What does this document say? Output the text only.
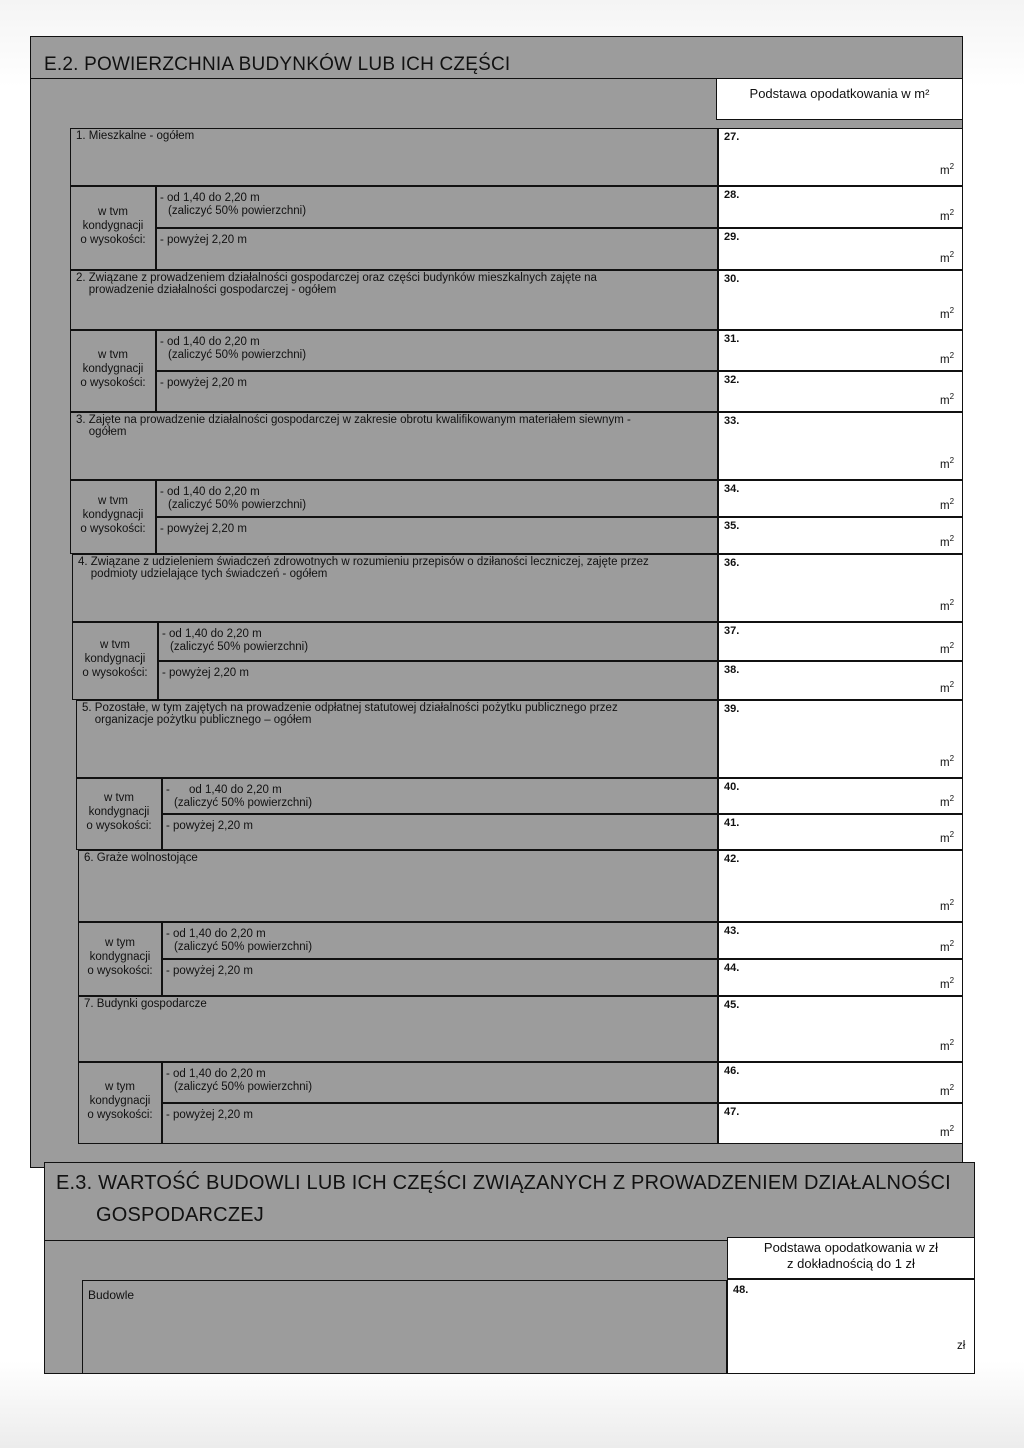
E.2. POWIERZCHNIA BUDYNKÓW LUB ICH CZĘŚCI
Podstawa opodatkowania w m²
1. Mieszkalne - ogółem
w tvm
kondygnacji
o wysokości:
- od 1,40 do 2,20 m
(zaliczyć 50% powierzchni)
- powyżej 2,20 m
27.
$m^2$
28.
$m^2$
29.
$m^2$
2. Związane z prowadzeniem działalności gospodarczej oraz części budynków mieszkalnych zajęte na
prowadzenie działalności gospodarczej - ogółem
w tvm
kondygnacji
o wysokości:
- od 1,40 do 2,20 m
(zaliczyć 50% powierzchni)
- powyżej 2,20 m
30.
$m^2$
31.
$m^2$
32.
$m^2$
3. Zajęte na prowadzenie działalności gospodarczej w zakresie obrotu kwalifikowanym materiałem siewnym -
ogółem
w tvm
kondygnacji
o wysokości:
- od 1,40 do 2,20 m
(zaliczyć 50% powierzchni)
- powyżej 2,20 m
33.
$m^2$
34.
$m^2$
35.
$m^2$
4. Związane z udzieleniem świadczeń zdrowotnych w rozumieniu przepisów o dziłaności leczniczej, zajęte przez
podmioty udzielające tych świadczeń - ogółem
w tvm
kondygnacji
o wysokości:
- od 1,40 do 2,20 m
(zaliczyć 50% powierzchni)
- powyżej 2,20 m
36.
$m^2$
37.
$m^2$
38.
$m^2$
5. Pozostałe, w tym zajętych na prowadzenie odpłatnej statutowej działalności pożytku publicznego przez
organizacje pożytku publicznego – ogółem
w tvm
kondygnacji
o wysokości:
-      od 1,40 do 2,20 m
(zaliczyć 50% powierzchni)
- powyżej 2,20 m
39.
$m^2$
40.
$m^2$
41.
$m^2$
6. Graże wolnostojące
w tym
kondygnacji
o wysokości:
- od 1,40 do 2,20 m
(zaliczyć 50% powierzchni)
- powyżej 2,20 m
42.
$m^2$
43.
$m^2$
44.
$m^2$
7. Budynki gospodarcze
w tym
kondygnacji
o wysokości:
- od 1,40 do 2,20 m
(zaliczyć 50% powierzchni)
- powyżej 2,20 m
45.
$m^2$
46.
$m^2$
47.
$m^2$
E.3. WARTOŚĆ BUDOWLI LUB ICH CZĘŚCI ZWIĄZANYCH Z PROWADZENIEM DZIAŁALNOŚCI
GOSPODARCZEJ
Podstawa opodatkowania w zł
z dokładnością do 1 zł
Budowle	48.
zł
